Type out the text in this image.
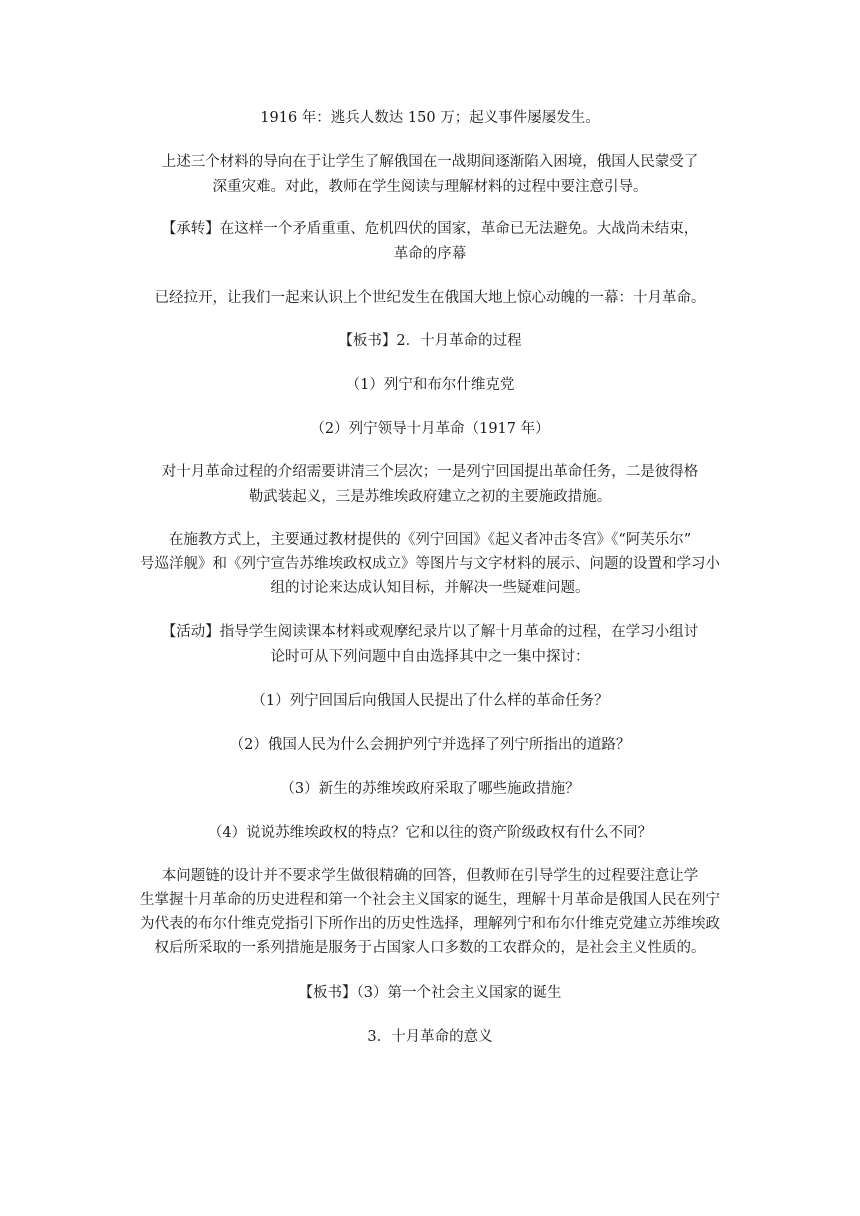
1916 年：逃兵人数达 150 万；起义事件屡屡发生。
上述三个材料的导向在于让学生了解俄国在一战期间逐渐陷入困境，俄国人民蒙受了
深重灾难。对此，教师在学生阅读与理解材料的过程中要注意引导。
【承转】在这样一个矛盾重重、危机四伏的国家，革命已无法避免。大战尚未结束，
革命的序幕
已经拉开，让我们一起来认识上个世纪发生在俄国大地上惊心动魄的一幕：十月革命。
【板书】2．十月革命的过程
（1）列宁和布尔什维克党
（2）列宁领导十月革命（1917 年）
对十月革命过程的介绍需要讲清三个层次；一是列宁回国提出革命任务，二是彼得格
勒武装起义，三是苏维埃政府建立之初的主要施政措施。
在施教方式上，主要通过教材提供的《列宁回国》《起义者冲击冬宫》《“阿芙乐尔”
号巡洋舰》和《列宁宣告苏维埃政权成立》等图片与文字材料的展示、问题的设置和学习小
组的讨论来达成认知目标，并解决一些疑难问题。
【活动】指导学生阅读课本材料或观摩纪录片以了解十月革命的过程，在学习小组讨
论时可从下列问题中自由选择其中之一集中探讨：
（1）列宁回国后向俄国人民提出了什么样的革命任务？
（2）俄国人民为什么会拥护列宁并选择了列宁所指出的道路？
（3）新生的苏维埃政府采取了哪些施政措施？
（4）说说苏维埃政权的特点？它和以往的资产阶级政权有什么不同？
本问题链的设计并不要求学生做很精确的回答，但教师在引导学生的过程要注意让学
生掌握十月革命的历史进程和第一个社会主义国家的诞生，理解十月革命是俄国人民在列宁
为代表的布尔什维克党指引下所作出的历史性选择，理解列宁和布尔什维克党建立苏维埃政
权后所采取的一系列措施是服务于占国家人口多数的工农群众的，是社会主义性质的。
【板书】（3）第一个社会主义国家的诞生
3．十月革命的意义
